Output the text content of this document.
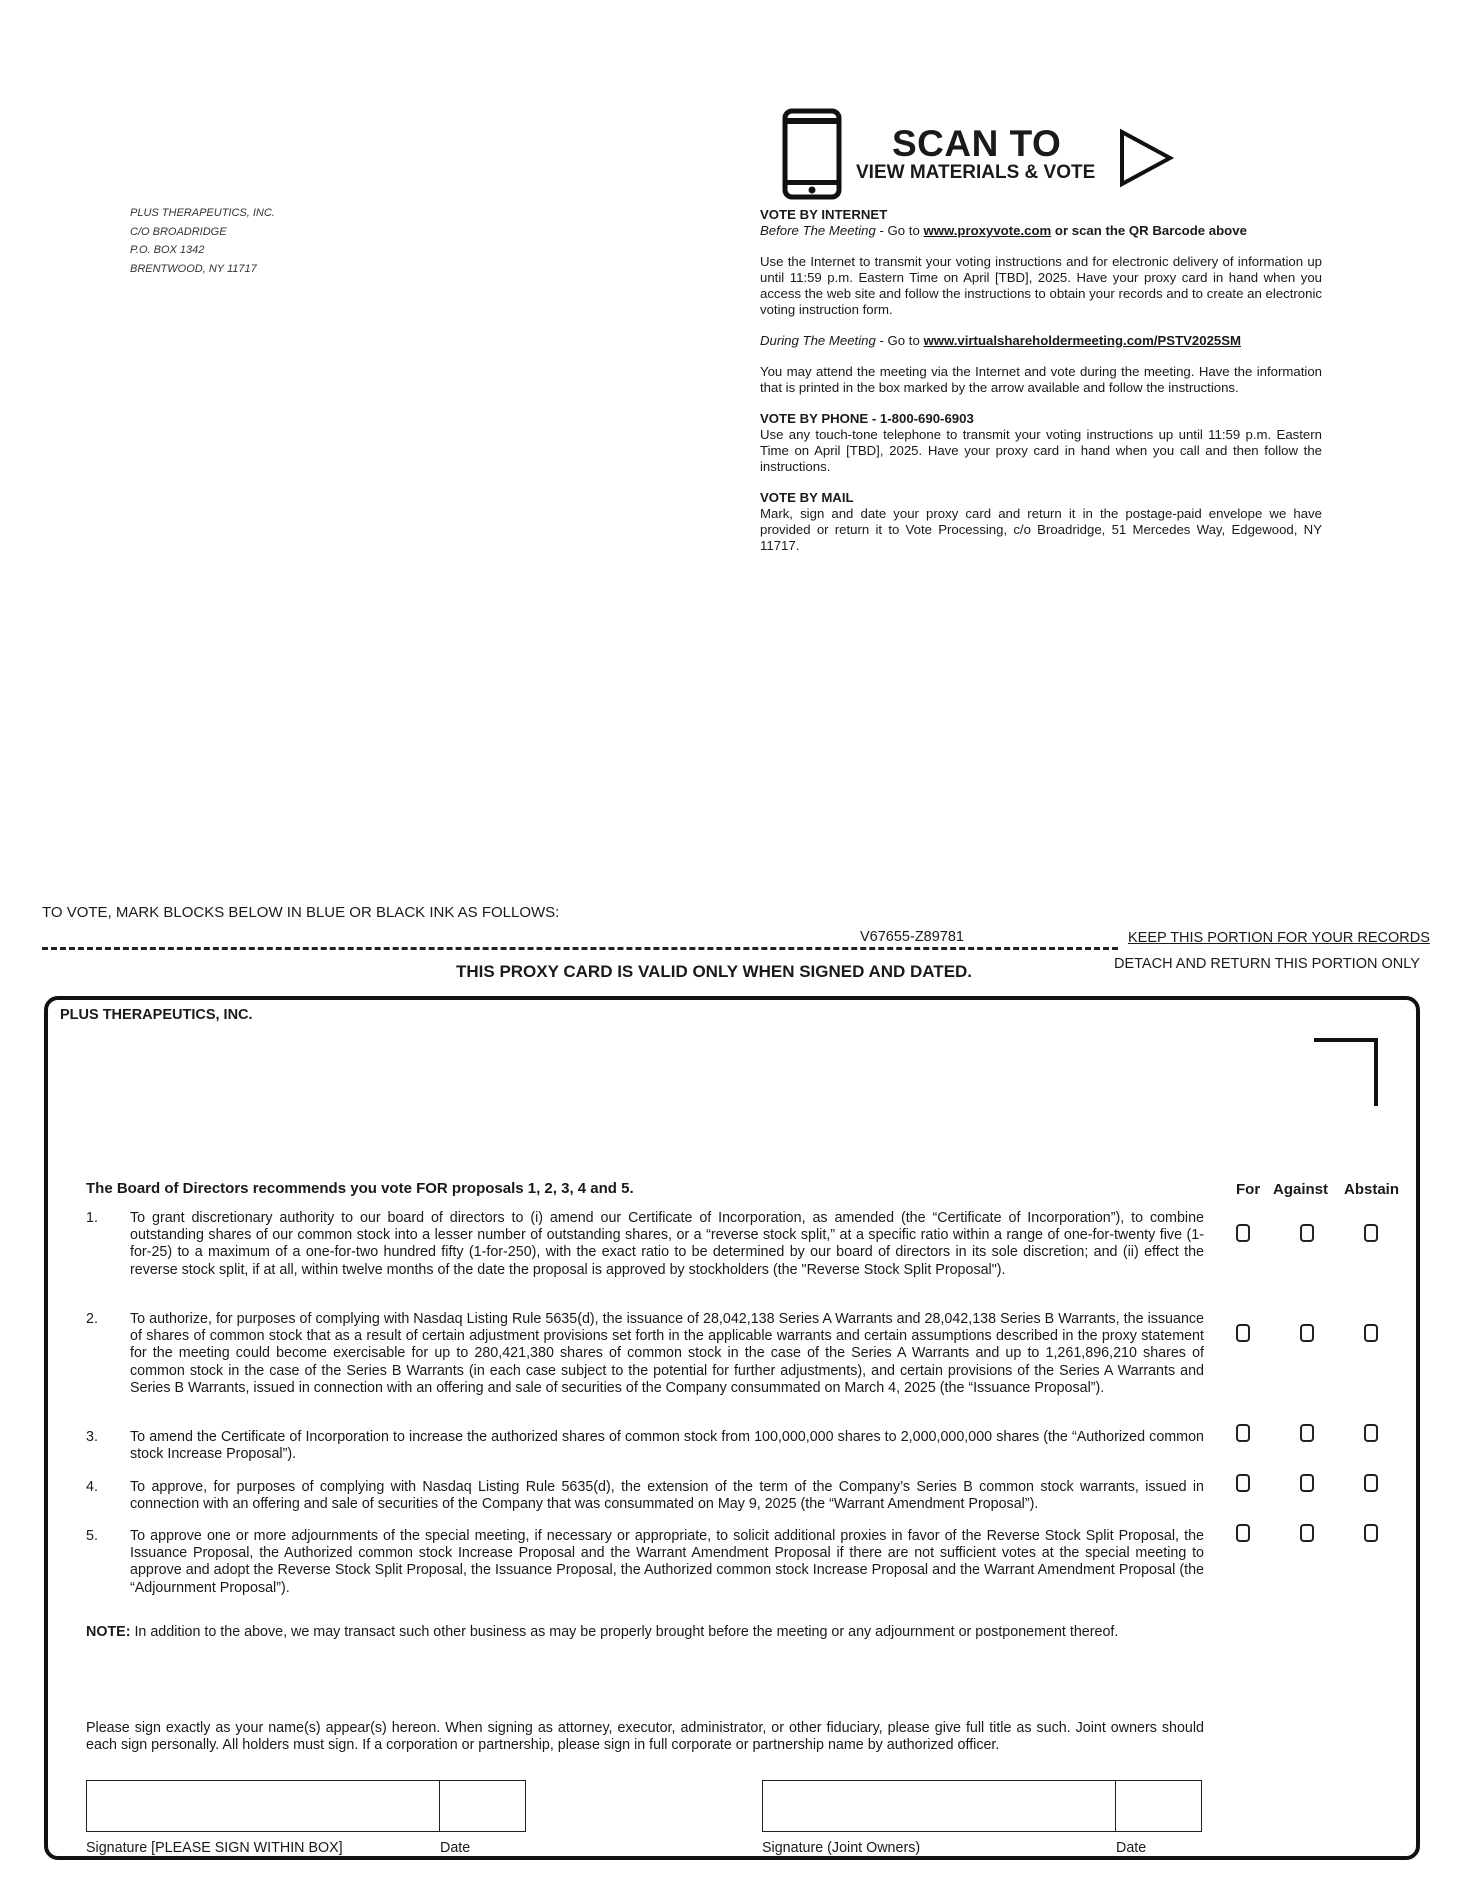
PLUS THERAPEUTICS, INC.
C/O BROADRIDGE
P.O. BOX 1342
BRENTWOOD, NY 11717
SCAN TO
VIEW MATERIALS & VOTE

VOTE BY INTERNET

Before The Meeting - Go to www.proxyvote.com or scan the QR Barcode above

Use the Internet to transmit your voting instructions and for electronic delivery of information up until 11:59 p.m. Eastern Time on April [TBD], 2025. Have your proxy card in hand when you access the web site and follow the instructions to obtain your records and to create an electronic voting instruction form.

During The Meeting - Go to www.virtualshareholdermeeting.com/PSTV2025SM

You may attend the meeting via the Internet and vote during the meeting. Have the information that is printed in the box marked by the arrow available and follow the instructions.

VOTE BY PHONE - 1-800-690-6903

Use any touch-tone telephone to transmit your voting instructions up until 11:59 p.m. Eastern Time on April [TBD], 2025. Have your proxy card in hand when you call and then follow the instructions.

VOTE BY MAIL

Mark, sign and date your proxy card and return it in the postage-paid envelope we have provided or return it to Vote Processing, c/o Broadridge, 51 Mercedes Way, Edgewood, NY 11717.

TO VOTE, MARK BLOCKS BELOW IN BLUE OR BLACK INK AS FOLLOWS:
V67655-Z89781	KEEP THIS PORTION FOR YOUR RECORDS
DETACH AND RETURN THIS PORTION ONLY
THIS PROXY CARD IS VALID ONLY WHEN SIGNED AND DATED.
PLUS THERAPEUTICS, INC.
The Board of Directors recommends you vote FOR proposals 1, 2, 3, 4 and 5.	For Against Abstain
1. To grant discretionary authority to our board of directors to (i) amend our Certificate of Incorporation, as amended (the “Certificate of Incorporation”), to combine outstanding shares of our common stock into a lesser number of outstanding shares, or a “reverse stock split,” at a specific ratio within a range of one-for-twenty five (1-for-25) to a maximum of a one-for-two hundred fifty (1-for-250), with the exact ratio to be determined by our board of directors in its sole discretion; and (ii) effect the reverse stock split, if at all, within twelve months of the date the proposal is approved by stockholders (the "Reverse Stock Split Proposal").
2. To authorize, for purposes of complying with Nasdaq Listing Rule 5635(d), the issuance of 28,042,138 Series A Warrants and 28,042,138 Series B Warrants, the issuance of shares of common stock that as a result of certain adjustment provisions set forth in the applicable warrants and certain assumptions described in the proxy statement for the meeting could become exercisable for up to 280,421,380 shares of common stock in the case of the Series A Warrants and up to 1,261,896,210 shares of common stock in the case of the Series B Warrants (in each case subject to the potential for further adjustments), and certain provisions of the Series A Warrants and Series B Warrants, issued in connection with an offering and sale of securities of the Company consummated on March 4, 2025 (the “Issuance Proposal”).
3. To amend the Certificate of Incorporation to increase the authorized shares of common stock from 100,000,000 shares to 2,000,000,000 shares (the “Authorized common stock Increase Proposal”).
4. To approve, for purposes of complying with Nasdaq Listing Rule 5635(d), the extension of the term of the Company’s Series B common stock warrants, issued in connection with an offering and sale of securities of the Company that was consummated on May 9, 2025 (the “Warrant Amendment Proposal”).
5. To approve one or more adjournments of the special meeting, if necessary or appropriate, to solicit additional proxies in favor of the Reverse Stock Split Proposal, the Issuance Proposal, the Authorized common stock Increase Proposal and the Warrant Amendment Proposal if there are not sufficient votes at the special meeting to approve and adopt the Reverse Stock Split Proposal, the Issuance Proposal, the Authorized common stock Increase Proposal and the Warrant Amendment Proposal (the “Adjournment Proposal”).
NOTE: In addition to the above, we may transact such other business as may be properly brought before the meeting or any adjournment or postponement thereof.
Please sign exactly as your name(s) appear(s) hereon. When signing as attorney, executor, administrator, or other fiduciary, please give full title as such. Joint owners should each sign personally. All holders must sign. If a corporation or partnership, please sign in full corporate or partnership name by authorized officer.
Signature [PLEASE SIGN WITHIN BOX]	Date	Signature (Joint Owners)	Date
